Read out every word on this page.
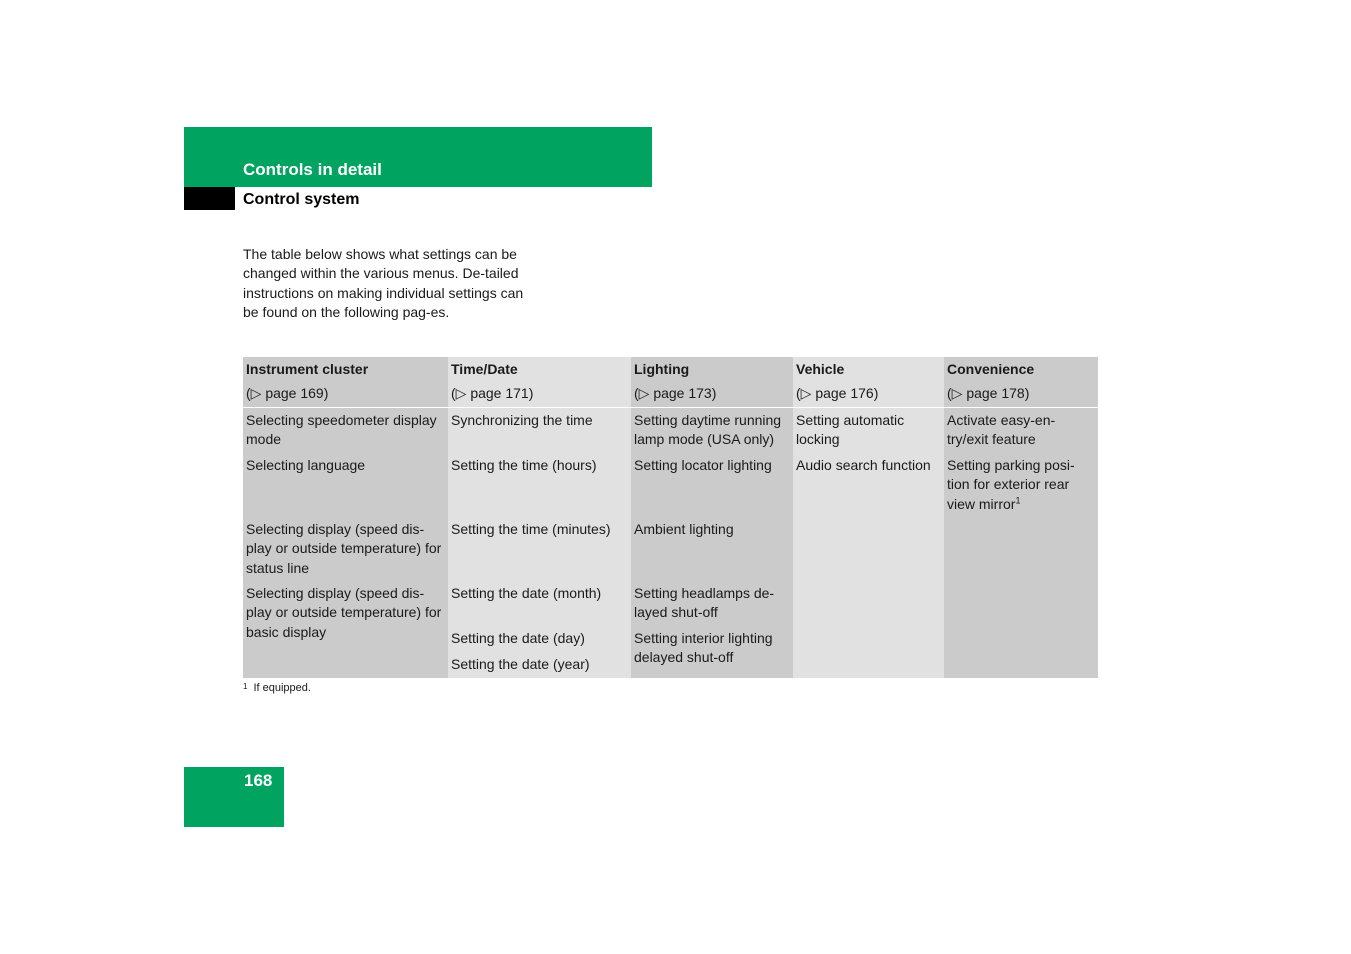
Controls in detail
Control system
The table below shows what settings can be changed within the various menus. De-tailed instructions on making individual settings can be found on the following pag-es.
Instrument cluster
(▷ page 169)
Selecting speedometer display mode
Selecting language
Selecting display (speed dis-play or outside temperature) for status line
Selecting display (speed dis-play or outside temperature) for basic display
Time/Date
(▷ page 171)
Synchronizing the time
Setting the time (hours)
Setting the time (minutes)
Setting the date (month)
Setting the date (day)
Setting the date (year)
Lighting
(▷ page 173)
Setting daytime running lamp mode (USA only)
Setting locator lighting
Ambient lighting
Setting headlamps de-layed shut-off
Setting interior lighting delayed shut-off
Vehicle
(▷ page 176)
Setting automatic locking
Audio search function
Convenience
(▷ page 178)
Activate easy-en-try/exit feature
Setting parking posi-tion for exterior rear view mirror$^1$
$^1$ If equipped.
168
